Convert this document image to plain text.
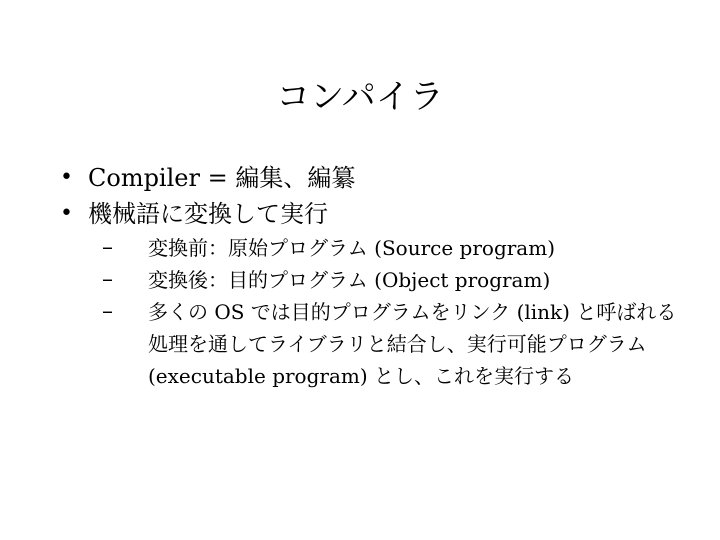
コンパイラ
• Compiler = 編集、編纂
• 機械語に変換して実行
– 変換前：原始プログラム (Source program)
– 変換後：目的プログラム (Object program)
– 多くの OS では目的プログラムをリンク (link) と呼ばれる処理を通してライブラリと結合し、実行可能プログラム (executable program) とし、これを実行する
